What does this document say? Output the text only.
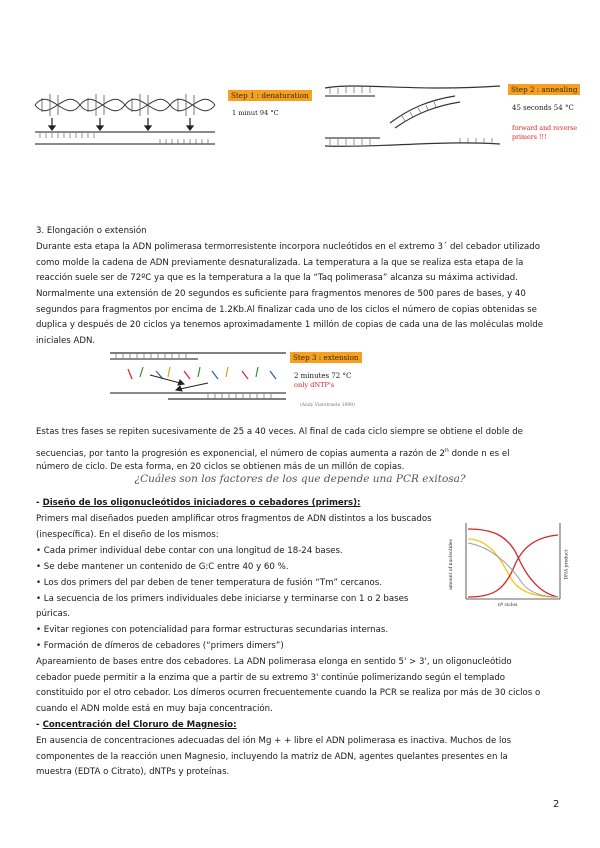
Step 1 : denaturation
1 minut 94 °C
Step 2 : annealing
45 seconds 54 °C
forward and reverse
primers !!!
3. Elongación o extensión
Durante esta etapa la ADN polimerasa termorresistente incorpora nucleótidos en el extremo 3´ del cebador utilizado
como molde la cadena de ADN previamente desnaturalizada. La temperatura a la que se realiza esta etapa de la
reacción suele ser de 72ºC ya que es la temperatura a la que la “Taq polimerasa” alcanza su máxima actividad.
Normalmente una extensión de 20 segundos es suficiente para fragmentos menores de 500 pares de bases, y 40
segundos para fragmentos por encima de 1.2Kb.Al finalizar cada uno de los ciclos el número de copias obtenidas se
duplica y después de 20 ciclos ya tenemos aproximadamente 1 millón de copias de cada una de las moléculas molde
iniciales ADN.
Step 3 : extension
2 minutes 72 °C
only dNTP's
(Andy Vierstraete 1999)
Estas tres fases se repiten sucesivamente de 25 a 40 veces. Al final de cada ciclo siempre se obtiene el doble de
secuencias, por tanto la progresión es exponencial, el número de copias aumenta a razón de 2$^n$ donde n es el
número de ciclo. De esta forma, en 20 ciclos se obtienen más de un millón de copias.
¿Cuáles son los factores de los que depende una PCR exitosa?
- Diseño de los oligonucleótidos iniciadores o cebadores (primers):
Primers mal diseñados pueden amplificar otros fragmentos de ADN distintos a los buscados
(inespecífica). En el diseño de los mismos:
• Cada primer individual debe contar con una longitud de 18-24 bases.
• Se debe mantener un contenido de G:C entre 40 y 60 %.
• Los dos primers del par deben de tener temperatura de fusión “Tm” cercanos.
• La secuencia de los primers individuales debe iniciarse y terminarse con 1 o 2 bases
púricas.
• Evitar regiones con potencialidad para formar estructuras secundarias internas.
• Formación de dímeros de cebadores (“primers dimers”)
amount of nucleotides	DNA product
nº ciclos
Apareamiento de bases entre dos cebadores. La ADN polimerasa elonga en sentido 5' > 3', un oligonucleótido
cebador puede permitir a la enzima que a partir de su extremo 3' continúe polimerizando según el templado
constituido por el otro cebador. Los dímeros ocurren frecuentemente cuando la PCR se realiza por más de 30 ciclos o
cuando el ADN molde está en muy baja concentración.
- Concentración del Cloruro de Magnesio:
En ausencia de concentraciones adecuadas del ión Mg + + libre el ADN polimerasa es inactiva. Muchos de los
componentes de la reacción unen Magnesio, incluyendo la matriz de ADN, agentes quelantes presentes en la
muestra (EDTA o Citrato), dNTPs y proteínas.
2
